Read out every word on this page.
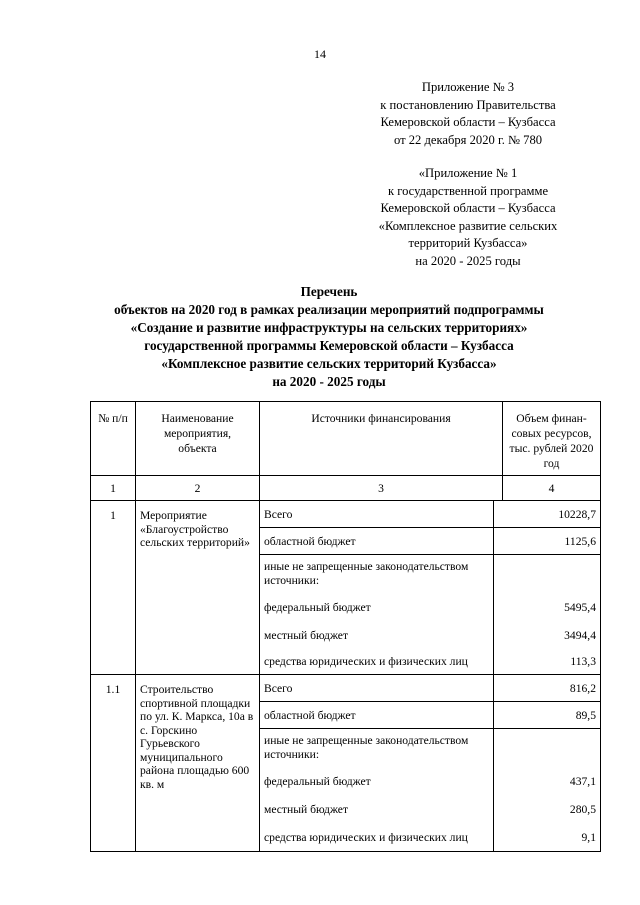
14
Приложение № 3
к постановлению Правительства
Кемеровской области – Кузбасса
от 22 декабря 2020 г. № 780
«Приложение № 1
к государственной программе
Кемеровской области – Кузбасса
«Комплексное развитие сельских
территорий Кузбасса»
на 2020 - 2025 годы
Перечень
объектов на 2020 год в рамках реализации мероприятий подпрограммы
«Создание и развитие инфраструктуры на сельских территориях»
государственной программы Кемеровской области – Кузбасса
«Комплексное развитие сельских территорий Кузбасса»
на 2020 - 2025 годы
№ п/п	Наименование мероприятия, объекта	Источники финансирования	Объем финан-совых ресурсов, тыс. рублей 2020 год
1	2	3	4
1	Мероприятие «Благоустройство сельских территорий»	
Всего	10228,7
областной бюджет	1125,6
иные не запрещенные законодательством источники:	
федеральный бюджет	5495,4
местный бюджет	3494,4
средства юридических и физических лиц	113,3

1.1	Строительство спортивной площадки по ул. К. Маркса, 10а в с. Горскино Гурьевского муниципального района площадью 600 кв. м	
Всего	816,2
областной бюджет	89,5
иные не запрещенные законодательством источники:	
федеральный бюджет	437,1
местный бюджет	280,5
средства юридических и физических лиц	9,1
